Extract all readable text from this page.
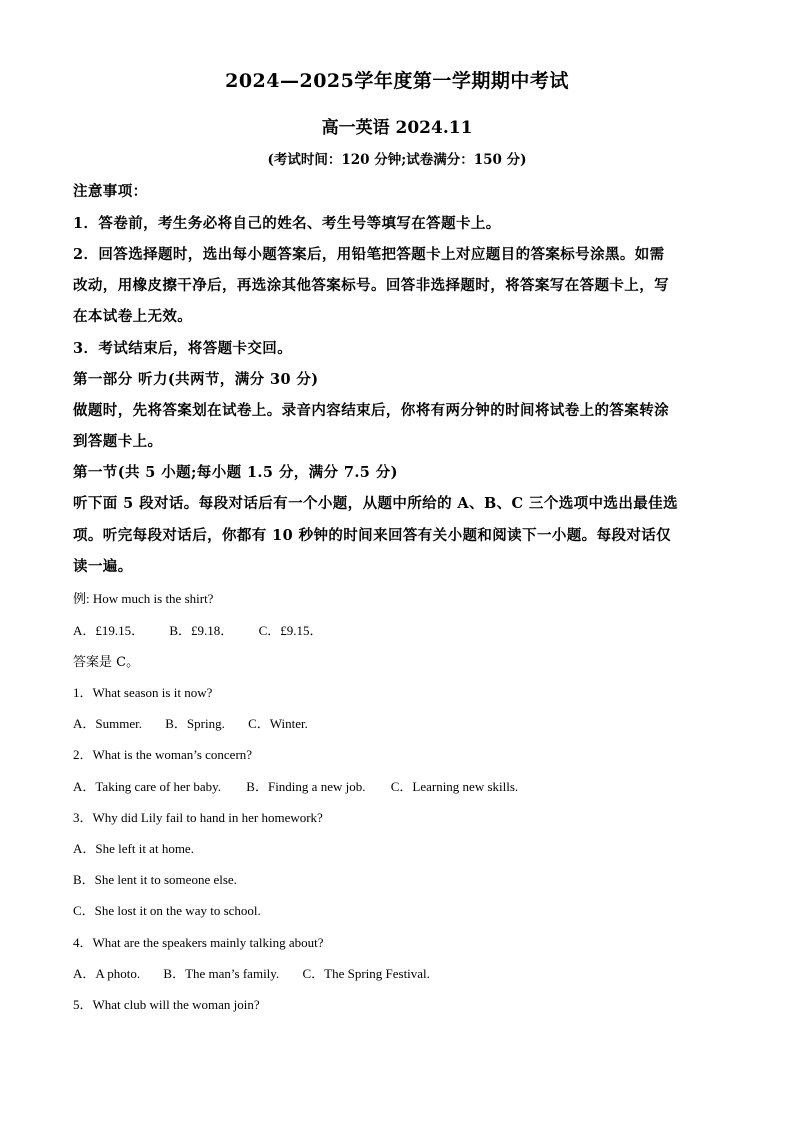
2024—2025学年度第一学期期中考试
高一英语 2024.11
(考试时间：120 分钟;试卷满分：150 分)
注意事项：
1．答卷前，考生务必将自己的姓名、考生号等填写在答题卡上。
2．回答选择题时，选出每小题答案后，用铅笔把答题卡上对应题目的答案标号涂黑。如需
改动，用橡皮擦干净后，再选涂其他答案标号。回答非选择题时，将答案写在答题卡上，写
在本试卷上无效。
3．考试结束后，将答题卡交回。
第一部分 听力(共两节，满分 30 分)
做题时，先将答案划在试卷上。录音内容结束后，你将有两分钟的时间将试卷上的答案转涂
到答题卡上。
第一节(共 5 小题;每小题 1.5 分，满分 7.5 分)
听下面 5 段对话。每段对话后有一个小题，从题中所给的 A、B、C 三个选项中选出最佳选
项。听完每段对话后，你都有 10 秒钟的时间来回答有关小题和阅读下一小题。每段对话仅
读一遍。
例: How much is the shirt?
A．£19.15． B．£9.18． C．£9.15．
答案是 C。
1．What season is it now?
A．Summer. B．Spring. C．Winter.
2．What is the woman’s concern?
A．Taking care of her baby. B．Finding a new job. C．Learning new skills.
3．Why did Lily fail to hand in her homework?
A．She left it at home.
B．She lent it to someone else.
C．She lost it on the way to school.
4．What are the speakers mainly talking about?
A．A photo. B．The man’s family. C．The Spring Festival.
5．What club will the woman join?
